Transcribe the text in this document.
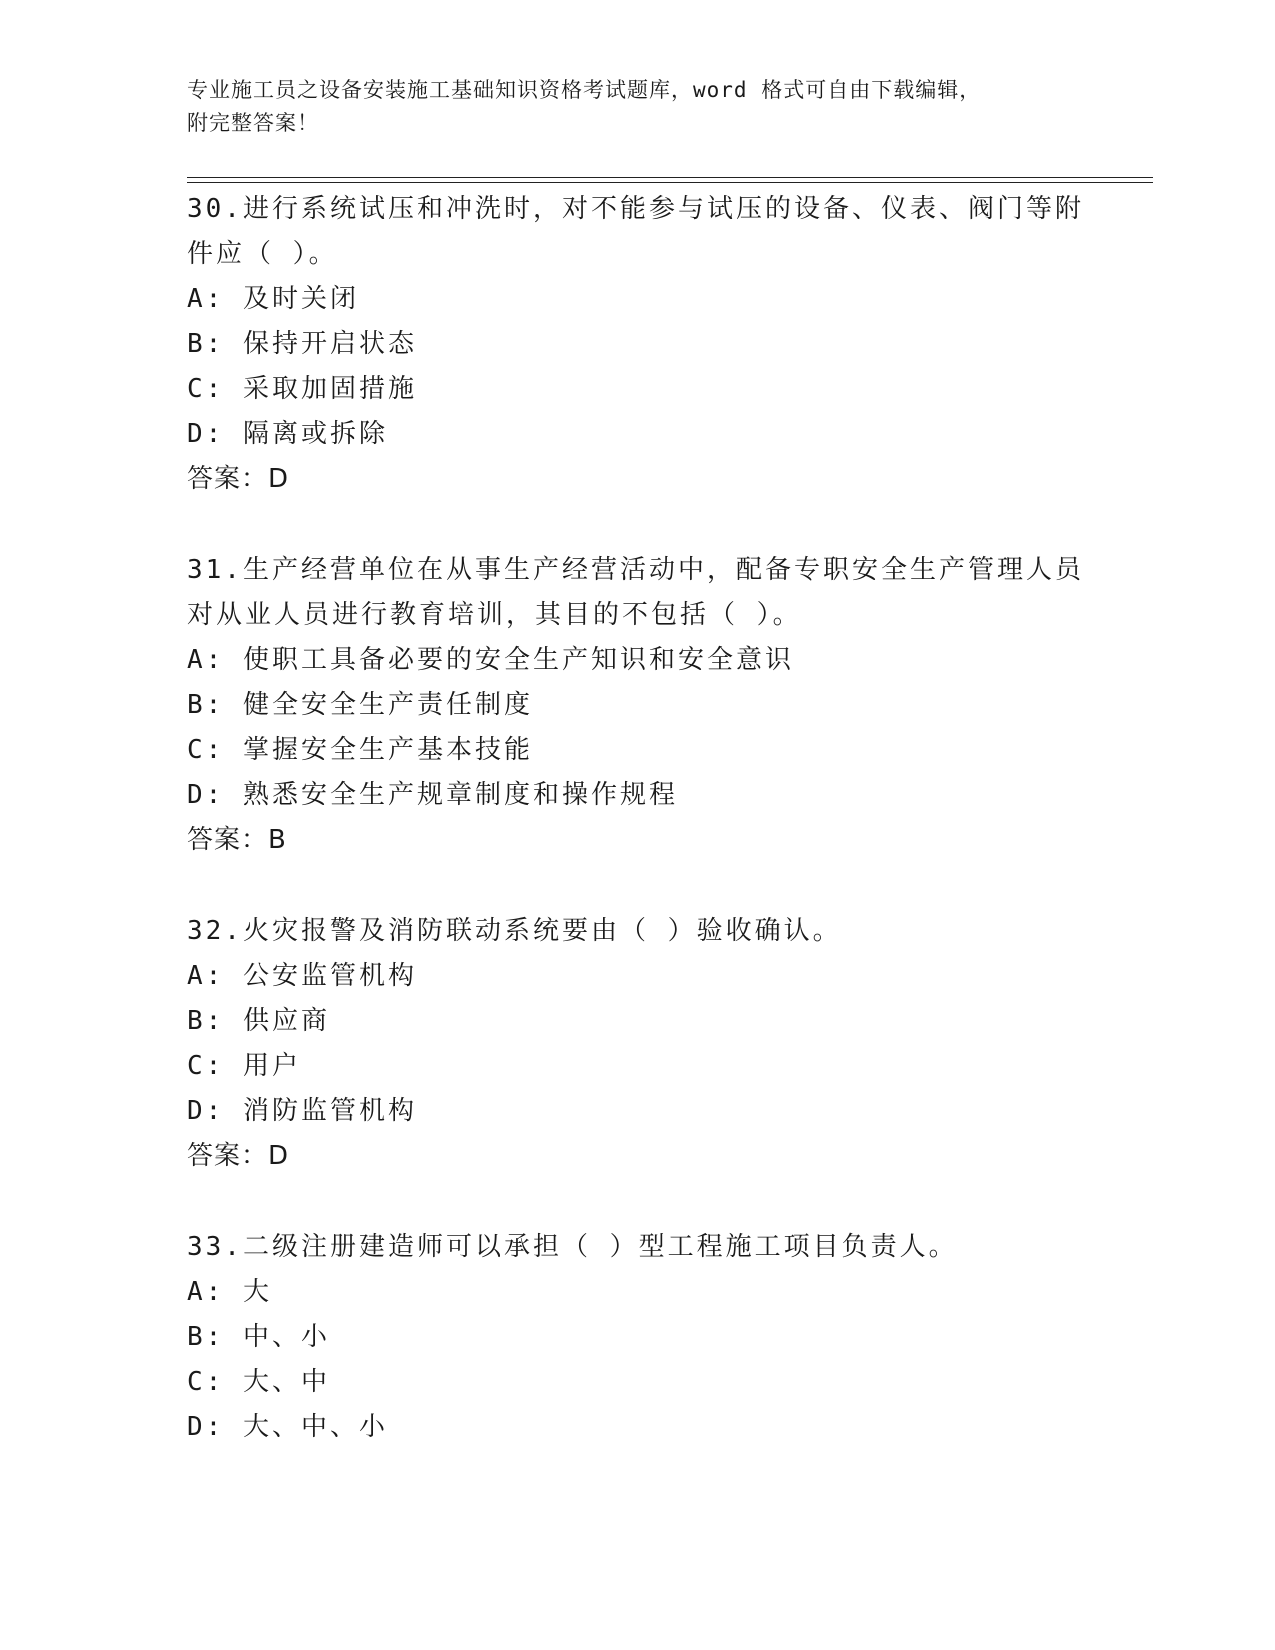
专业施工员之设备安装施工基础知识资格考试题库，word 格式可自由下载编辑，
附完整答案！
30.进行系统试压和冲洗时，对不能参与试压的设备、仪表、阀门等附
件应（ ）。
A: 及时关闭
B: 保持开启状态
C: 采取加固措施
D: 隔离或拆除
答案：D
31.生产经营单位在从事生产经营活动中，配备专职安全生产管理人员
对从业人员进行教育培训，其目的不包括（ ）。
A: 使职工具备必要的安全生产知识和安全意识
B: 健全安全生产责任制度
C: 掌握安全生产基本技能
D: 熟悉安全生产规章制度和操作规程
答案：B
32.火灾报警及消防联动系统要由（ ）验收确认。
A: 公安监管机构
B: 供应商
C: 用户
D: 消防监管机构
答案：D
33.二级注册建造师可以承担（ ）型工程施工项目负责人。
A: 大
B: 中、小
C: 大、中
D: 大、中、小
